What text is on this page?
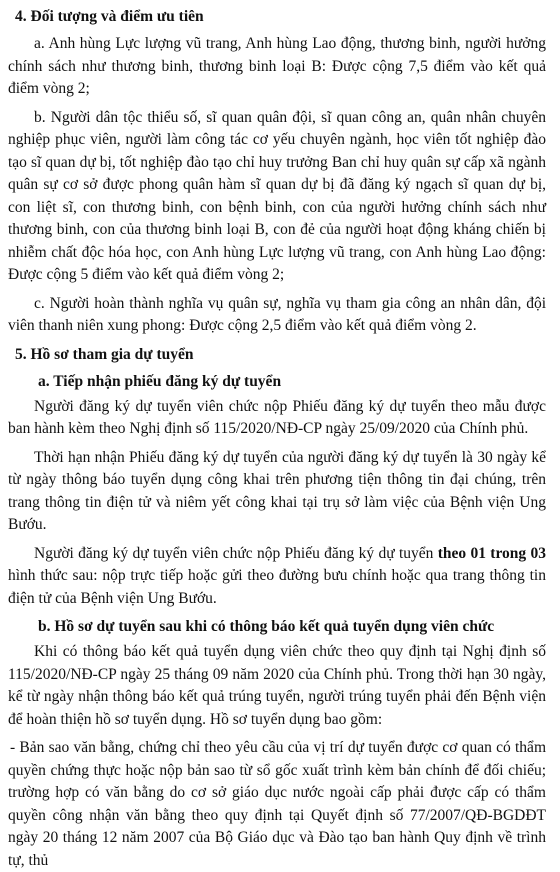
4. Đối tượng và điểm ưu tiên

a. Anh hùng Lực lượng vũ trang, Anh hùng Lao động, thương binh, người hưởng chính sách như thương binh, thương binh loại B: Được cộng 7,5 điểm vào kết quả điểm vòng 2;

b. Người dân tộc thiểu số, sĩ quan quân đội, sĩ quan công an, quân nhân chuyên nghiệp phục viên, người làm công tác cơ yếu chuyên ngành, học viên tốt nghiệp đào tạo sĩ quan dự bị, tốt nghiệp đào tạo chỉ huy trưởng Ban chỉ huy quân sự cấp xã ngành quân sự cơ sở được phong quân hàm sĩ quan dự bị đã đăng ký ngạch sĩ quan dự bị, con liệt sĩ, con thương binh, con bệnh binh, con của người hưởng chính sách như thương binh, con của thương binh loại B, con đẻ của người hoạt động kháng chiến bị nhiễm chất độc hóa học, con Anh hùng Lực lượng vũ trang, con Anh hùng Lao động: Được cộng 5 điểm vào kết quả điểm vòng 2;

c. Người hoàn thành nghĩa vụ quân sự, nghĩa vụ tham gia công an nhân dân, đội viên thanh niên xung phong: Được cộng 2,5 điểm vào kết quả điểm vòng 2.

5. Hồ sơ tham gia dự tuyển
a. Tiếp nhận phiếu đăng ký dự tuyển

Người đăng ký dự tuyển viên chức nộp Phiếu đăng ký dự tuyển theo mẫu được ban hành kèm theo Nghị định số 115/2020/NĐ-CP ngày 25/09/2020 của Chính phủ.

Thời hạn nhận Phiếu đăng ký dự tuyển của người đăng ký dự tuyển là 30 ngày kể từ ngày thông báo tuyển dụng công khai trên phương tiện thông tin đại chúng, trên trang thông tin điện tử và niêm yết công khai tại trụ sở làm việc của Bệnh viện Ung Bướu.

Người đăng ký dự tuyển viên chức nộp Phiếu đăng ký dự tuyển theo 01 trong 03 hình thức sau: nộp trực tiếp hoặc gửi theo đường bưu chính hoặc qua trang thông tin điện tử của Bệnh viện Ung Bướu.

b. Hồ sơ dự tuyển sau khi có thông báo kết quả tuyển dụng viên chức

Khi có thông báo kết quả tuyển dụng viên chức theo quy định tại Nghị định số 115/2020/NĐ-CP ngày 25 tháng 09 năm 2020 của Chính phủ. Trong thời hạn 30 ngày, kể từ ngày nhận thông báo kết quả trúng tuyển, người trúng tuyển phải đến Bệnh viện để hoàn thiện hồ sơ tuyển dụng. Hồ sơ tuyển dụng bao gồm:

- Bản sao văn bằng, chứng chỉ theo yêu cầu của vị trí dự tuyển được cơ quan có thẩm quyền chứng thực hoặc nộp bản sao từ sổ gốc xuất trình kèm bản chính để đối chiếu; trường hợp có văn bằng do cơ sở giáo dục nước ngoài cấp phải được cấp có thẩm quyền công nhận văn bằng theo quy định tại Quyết định số 77/2007/QĐ-BGDĐT ngày 20 tháng 12 năm 2007 của Bộ Giáo dục và Đào tạo ban hành Quy định về trình tự, thủ
